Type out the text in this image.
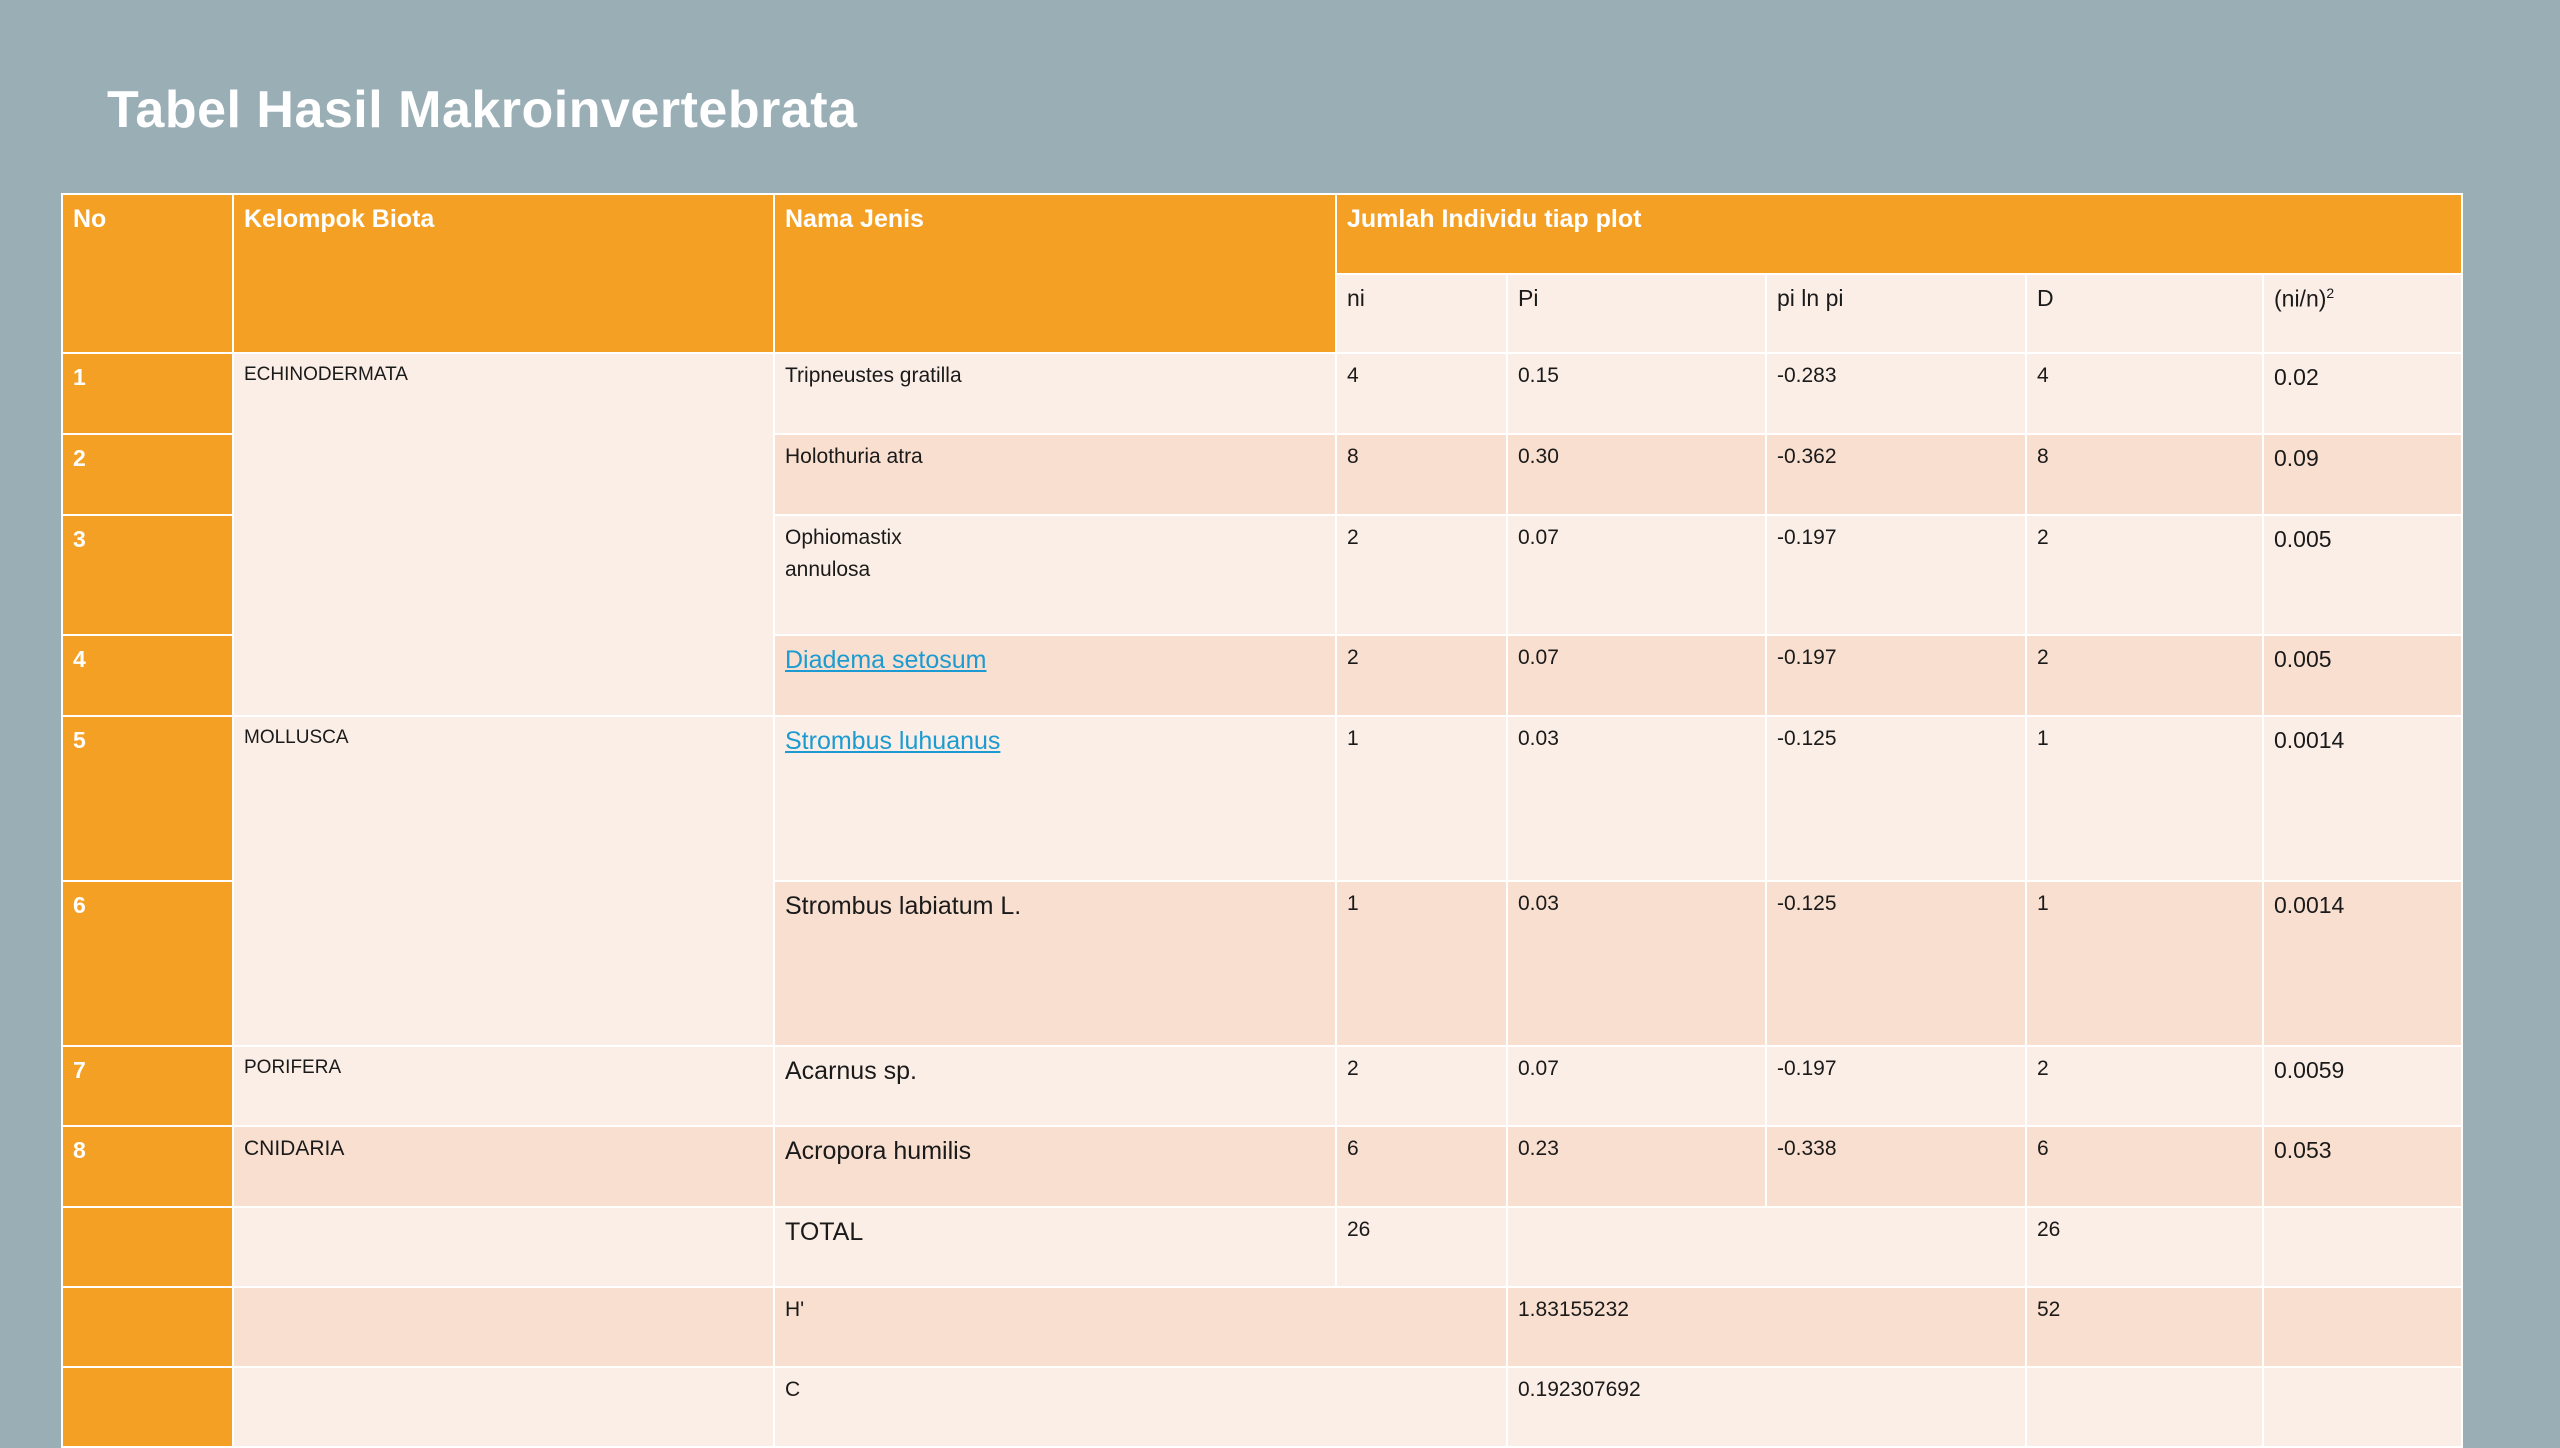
Tabel Hasil Makroinvertebrata
No	Kelompok Biota	Nama Jenis	Jumlah Individu tiap plot				
			ni	Pi	pi ln pi	D	$(ni/n)^2$
1	ECHINODERMATA	Tripneustes gratilla	4	0.15	-0.283	4	0.02
2		Holothuria atra	8	0.30	-0.362	8	0.09
3		Ophiomastix
annulosa	2	0.07	-0.197	2	0.005
4		Diadema setosum	2	0.07	-0.197	2	0.005
5	MOLLUSCA	Strombus luhuanus	1	0.03	-0.125	1	0.0014
6		Strombus labiatum L.	1	0.03	-0.125	1	0.0014
7	PORIFERA	Acarnus sp.	2	0.07	-0.197	2	0.0059
8	CNIDARIA	Acropora humilis	6	0.23	-0.338	6	0.053
		TOTAL	26			26	
		H'		1.83155232		52	
		C		0.192307692			
